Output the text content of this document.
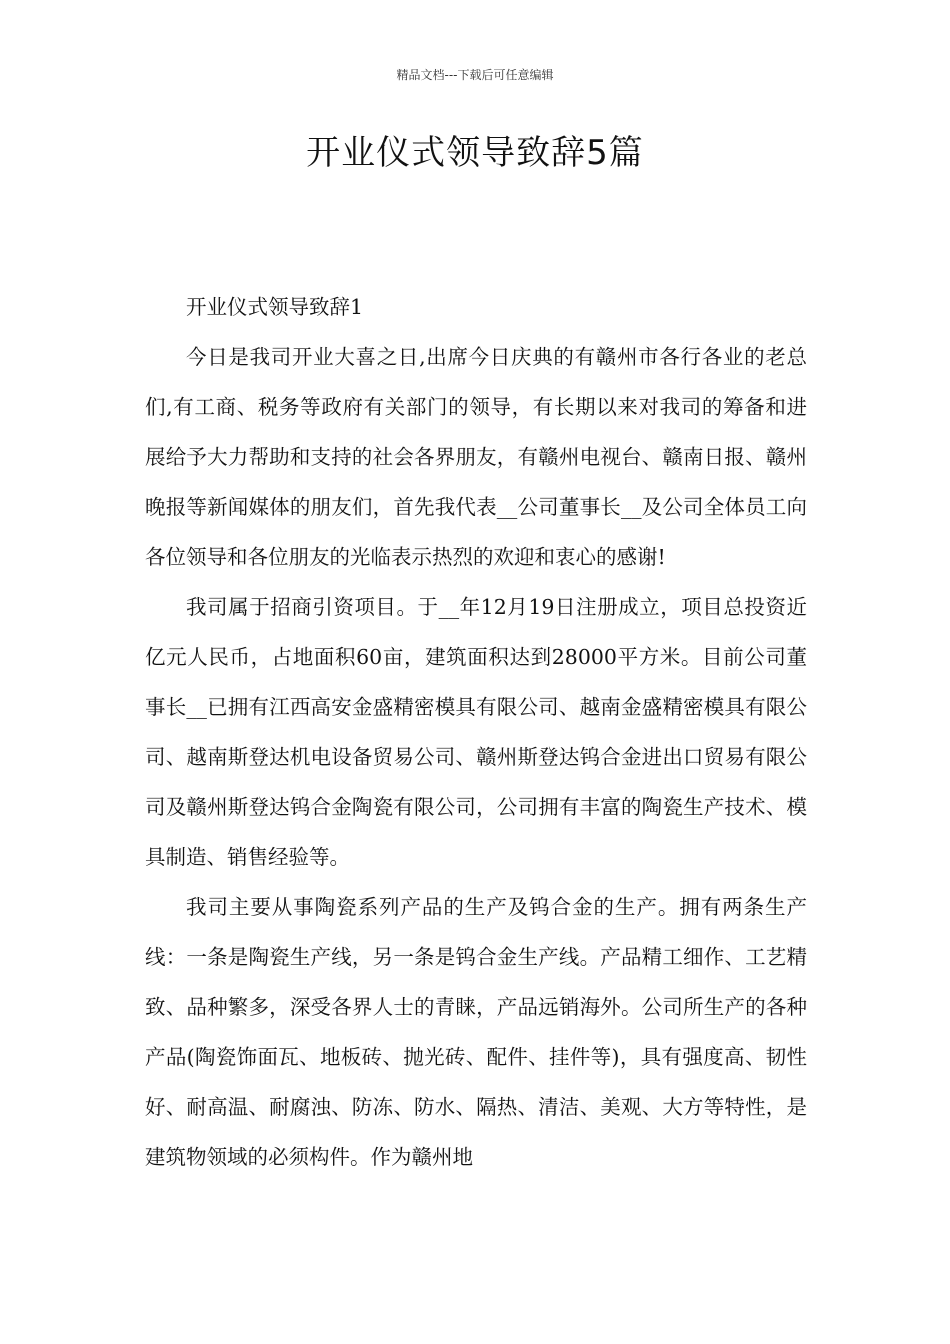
精品文档---下载后可任意编辑
开业仪式领导致辞5篇

开业仪式领导致辞1

今日是我司开业大喜之日,出席今日庆典的有赣州市各行各业的老总们,有工商、税务等政府有关部门的领导，有长期以来对我司的筹备和进展给予大力帮助和支持的社会各界朋友，有赣州电视台、赣南日报、赣州晚报等新闻媒体的朋友们，首先我代表__公司董事长__及公司全体员工向各位领导和各位朋友的光临表示热烈的欢迎和衷心的感谢!

我司属于招商引资项目。于__年12月19日注册成立，项目总投资近亿元人民币，占地面积60亩，建筑面积达到28000平方米。目前公司董事长__已拥有江西高安金盛精密模具有限公司、越南金盛精密模具有限公司、越南斯登达机电设备贸易公司、赣州斯登达钨合金进出口贸易有限公司及赣州斯登达钨合金陶瓷有限公司，公司拥有丰富的陶瓷生产技术、模具制造、销售经验等。

我司主要从事陶瓷系列产品的生产及钨合金的生产。拥有两条生产线：一条是陶瓷生产线，另一条是钨合金生产线。产品精工细作、工艺精致、品种繁多，深受各界人士的青睐，产品远销海外。公司所生产的各种产品(陶瓷饰面瓦、地板砖、抛光砖、配件、挂件等)，具有强度高、韧性好、耐高温、耐腐浊、防冻、防水、隔热、清洁、美观、大方等特性，是建筑物领域的必须构件。作为赣州地
